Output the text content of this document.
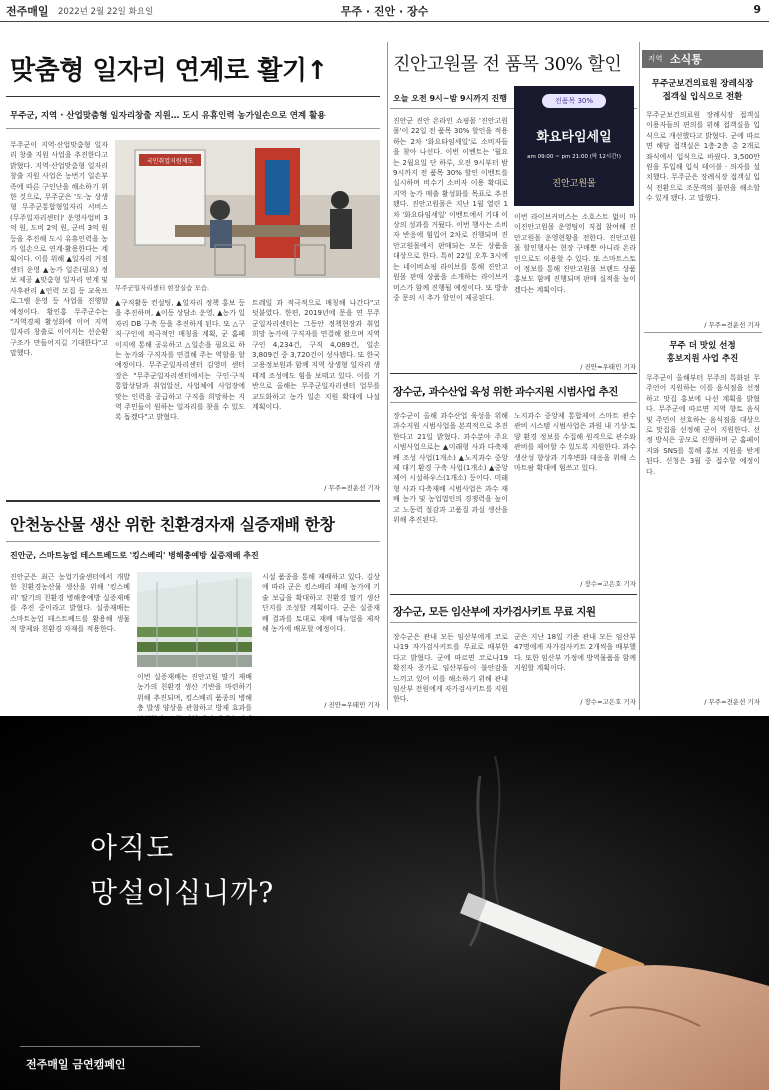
전주매일 2022년 2월 22일 화요일	무주 · 진안 · 장수	9
맞춤형 일자리 연계로 활기↑
무주군, 지역 · 산업맞춤형 일자리창출 지원… 도시 유휴인력 농가일손으로 연계 활용
무주군이 지역·산업맞춤형 일자리 창출 지원 사업을 추진한다고 밝혔다. 지역·산업맞춤형 일자리창출 지원 사업은 농번기 일손부족에 따른 구인난을 해소하기 위한 것으로, 무주군은 '도·농 상생형 무주군통합형일자리 서비스(무주일자리센터)' 운영사업비 3억 원, 도비 2억 원, 군비 3억 원 등을 추진해 도시 유휴인력을 농가 일손으로 연계·활용한다는 계획이다. 이를 위해 ▲일자리 거점센터 운영 ▲농가 일손(필요) 정보 제공 ▲맞춤형 일자리 연계 및 사후관리 ▲인력 모집 등 교육프로그램 운영 등 사업을 진행할 예정이다. 황인홍 무주군수는 "지역경제 활성화에 이어 지역 일자리 창출로 이어지는 선순환 구조가 만들어지길 기대한다"고 말했다.
국민취업지원제도
무주군일자리센터 현장실습 모습.
▲구직활동 컨설팅, ▲일자리 정책 홍보 등을 추진하며, ▲이동 상담소 운영, ▲농가 일자리 DB 구축 등을 추진하게 된다. 또 △구직·구인에 적극적인 매칭을 계획, 군 홈페이지에 통해 공유하고 △일손을 필요로 하는 농가와 구직자를 연결해 주는 역할을 할 예정이다. 무주군일자리센터 김영미 센터장은 "무주군일자리센터에서는 구인·구직 통합상담과 취업알선, 사업체에 사업장에 맞는 인력을 공급하고 구직을 희망하는 지역 주민들이 원하는 일자리를 찾을 수 있도록 돕겠다"고 밝혔다.
트레일 과 적극적으로 매칭해 나간다"고 덧붙였다. 한편, 2019년에 문을 연 무주군일자리센터는 그동안 정책현장과 취업희망 농가에 구직자를 연결해 왔으며 지역 구인 4,234건, 구직 4,089건, 일손 3,809건 중 3,720건이 성사됐다. 또 한국고용정보원과 함께 지역 상생형 일자리 생태계 조성에도 힘을 보태고 있다. 이를 기반으로 올해는 무주군일자리센터 업무를 교도화하고 농가 일손 지원 확대에 나설 계획이다.
/ 무주=전운선 기자
안천농산물 생산 위한 친환경자재 실증재배 한창
진안군, 스마트농업 테스트베드로 '킹스베리' 병해충예방 실증재배 추진
진안군은 최근 농업기술센터에서 개발한 친환경농산물 생산을 위해 '킹스베리' 딸기의 친환경 병해충예방 실증재배를 추진 중이라고 밝혔다. 실증재배는 스마트농업 테스트베드를 활용해 생물적 방제와 친환경 자재를 적용한다.
이번 실증재배는 진안고원 딸기 재배 농가의 친환경 생산 기반을 마련하기 위해 추진되며, 킹스베리 품종의 병해충 발생 양상을 관찰하고 방제 효과를
시설 품종을 통해 재배하고 있다. 김상에 따라 군은 킹스베리 재배 농가에 기술 보급을 확대하고 친환경 딸기 생산단지를 조성할 계획이다. 군은 실증재배 결과를 토대로 재배 매뉴얼을 제작해 농가에 배포할 예정이다.
/ 진안=우태민 기자
진안고원몰 전 품목 30% 할인
오늘 오전 9시~밤 9시까지 진행
진안군 진안 온라인 쇼핑몰 '진안고원몰'이 22일 전 품목 30% 할인을 적용하는 2차 '화요타임세일'로 소비자들을 찾아 나선다. 이번 이벤트는 '월요는 2월요일 단 하루, 오전 9시부터 밤 9시까지 전 품목 30% 할인 이벤트를 실시하며 비수기 소비자 이용 확대로 지역 농가 매출 활성화를 목표로 추진됐다. 진안고원몰은 지난 1월 열린 1차 '화요타임세일' 이벤트에서 기대 이상의 성과를 거뒀다. 이번 행사는 소비자 반응에 힘입어 2차로 진행되며 진안고원몰에서 판매되는 모든 상품을 대상으로 한다. 특히 22일 오후 3시에는 네이버쇼핑 라이브를 통해 진안고원몰 판매 상품을 소개하는 라이브커머스가 함께 진행될 예정이다. 또 방송 중 문의 시 추가 할인이 제공된다.
전품목 30%
화요타임세일
am 09:00 ~ pm 21:00 (딱 12시간!)
진안고원몰
이번 라이브커머스는 소호스트 없이 마이진안고원몰 운영팀이 직접 참여해 진안고원몰 운영현황을 전한다. 진안고원몰 할인행사는 현장 구매뿐 아니라 온라인으로도 이용할 수 있다. 또 스마트스토어 정보를 통해 진안고원몰 브랜드 상품 홍보도 함께 진행되며 판매 실적을 높이겠다는 계획이다.
/ 진안=우태민 기자
장수군, 과수산업 육성 위한 과수지원 시범사업 추진
장수군이 올해 과수산업 육성을 위해 과수지원 시범사업을 본격적으로 추진한다고 21일 밝혔다. 과수분야 주요 시범사업으로는 ▲미래형 사과 다축재배 조성 사업(1개소) ▲노지과수 중앙제 대기 환경 구축 사업(1개소) ▲중앙제어 시설하우스(1개소) 등이다. 미래형 사과 다축재배 시범사업은 과수 재배 농가 및 농업법인의 경쟁력을 높이고 노동력 절감과 고품질 과실 생산을 위해 추진된다.
노지과수 중앙제 통합제어 스마트 관수관비 시스템 시범사업은 과원 내 기상·토양 환경 정보를 수집해 원격으로 관수와 관비를 제어할 수 있도록 지원한다. 과수 생산성 향상과 기후변화 대응을 위해 스마트팜 확대에 힘쓰고 있다.
/ 장수=고은호 기자
장수군, 모든 임산부에 자가검사키트 무료 지원
장수군은 관내 모든 임산부에게 코로나19 자가검사키트를 무료로 배부한다고 밝혔다. 군에 따르면 코로나19 확진자 증가로 임산부들이 불안감을 느끼고 있어 이를 해소하기 위해 관내 임산부 전원에게 자가검사키트를 지원한다.
군은 지난 18일 기준 관내 모든 임산부 47명에게 자가검사키트 2개씩을 배부했다. 또한 임산부 가정에 방역물품을 함께 지원할 계획이다.
/ 장수=고은호 기자
지역 소식통
무주군보건의료원 장레식장
접객실 입식으로 전환
무주군보건의료원 장례식장 접객실 이용자들의 편의를 위해 접객실을 입식으로 개선했다고 밝혔다. 군에 따르면 해당 접객실은 1층·2층 총 2개로 좌식에서 입식으로 바꿨다. 3,500만 원을 투입해 입식 테이블 · 의자를 설치했다. 무주군은 장례식장 접객실 입식 전환으로 조문객의 불편을 해소할 수 있게 됐다. 고 말했다.
/ 무주=전운선 기자
무주 더 맛있 선정
홍보지원 사업 추진
무주군이 올해부터 무주의 특화된 무주언어 지원하는 이를 음식점을 선정하고 맛집 홍보에 나선 계획을 밝혔다. 무주군에 따르면 지역 향토 음식 및 주민이 선호하는 음식점을 대상으로 맛집을 선정해 군이 지원한다. 선정 방식은 공모로 진행하며 군 홈페이지와 SNS를 통해 홍보 지원을 받게 된다. 신청은 3월 중 접수할 예정이다.
/ 무주=전운선 기자
아직도
망설이십니까?
전주매일 금연캠페인
